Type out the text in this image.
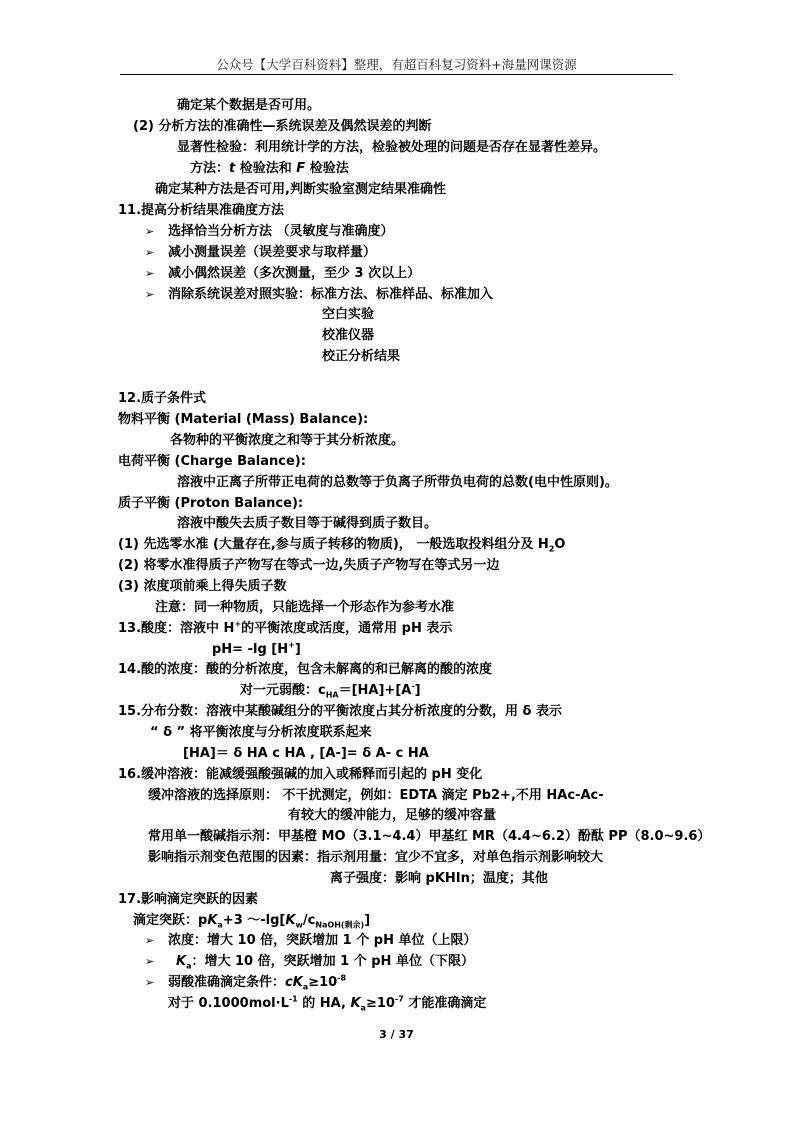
公众号【大学百科资料】整理，有超百科复习资料+海量网课资源
确定某个数据是否可用。
(2) 分析方法的准确性—系统误差及偶然误差的判断
显著性检验：利用统计学的方法，检验被处理的问题是否存在显著性差异。
方法：t 检验法和 F 检验法
确定某种方法是否可用,判断实验室测定结果准确性
11.提高分析结果准确度方法
➢ 选择恰当分析方法 （灵敏度与准确度）
➢ 减小测量误差（误差要求与取样量）
➢ 减小偶然误差（多次测量，至少 3 次以上）
➢ 消除系统误差对照实验：标准方法、标准样品、标准加入
空白实验
校准仪器
校正分析结果
12.质子条件式
物料平衡 (Material (Mass) Balance):
各物种的平衡浓度之和等于其分析浓度。
电荷平衡 (Charge Balance):
溶液中正离子所带正电荷的总数等于负离子所带负电荷的总数(电中性原则)。
质子平衡 (Proton Balance):
溶液中酸失去质子数目等于碱得到质子数目。
(1) 先选零水准 (大量存在,参与质子转移的物质)， 一般选取投料组分及 $H_2O$
(2) 将零水准得质子产物写在等式一边,失质子产物写在等式另一边
(3) 浓度项前乘上得失质子数
注意：同一种物质，只能选择一个形态作为参考水准
13.酸度：溶液中 H+的平衡浓度或活度，通常用 pH 表示
pH= -lg [H+]
14.酸的浓度：酸的分析浓度，包含未解离的和已解离的酸的浓度
对一元弱酸：$c_{HA}=[HA]+[A^-]$
15.分布分数：溶液中某酸碱组分的平衡浓度占其分析浓度的分数，用 δ 表示
“ δ ” 将平衡浓度与分析浓度联系起来
[HA]＝ δ HA c HA , [A-]= δ A- c HA
16.缓冲溶液：能减缓强酸强碱的加入或稀释而引起的 pH 变化
缓冲溶液的选择原则： 不干扰测定，例如：EDTA 滴定 Pb2+,不用 HAc-Ac-
有较大的缓冲能力，足够的缓冲容量
常用单一酸碱指示剂：甲基橙 MO（3.1~4.4）甲基红 MR（4.4~6.2）酚酞 PP（8.0~9.6）
影响指示剂变色范围的因素：指示剂用量：宜少不宜多，对单色指示剂影响较大
离子强度：影响 pKHIn；温度；其他
17.影响滴定突跃的因素
滴定突跃：$pK_a+3$ $\sim-\lg[K_w/c_{NaOH(剩余)}]$
➢ 浓度：增大 10 倍，突跃增加 1 个 pH 单位（上限）
➢ $K_a$：增大 10 倍，突跃增加 1 个 pH 单位（下限）
➢ 弱酸准确滴定条件：$cK_a\ge 10^{-8}$
对于 $0.1000mol\cdot L^{-1}$ 的 HA, $K_a\ge 10^{-7}$ 才能准确滴定
3 / 37
